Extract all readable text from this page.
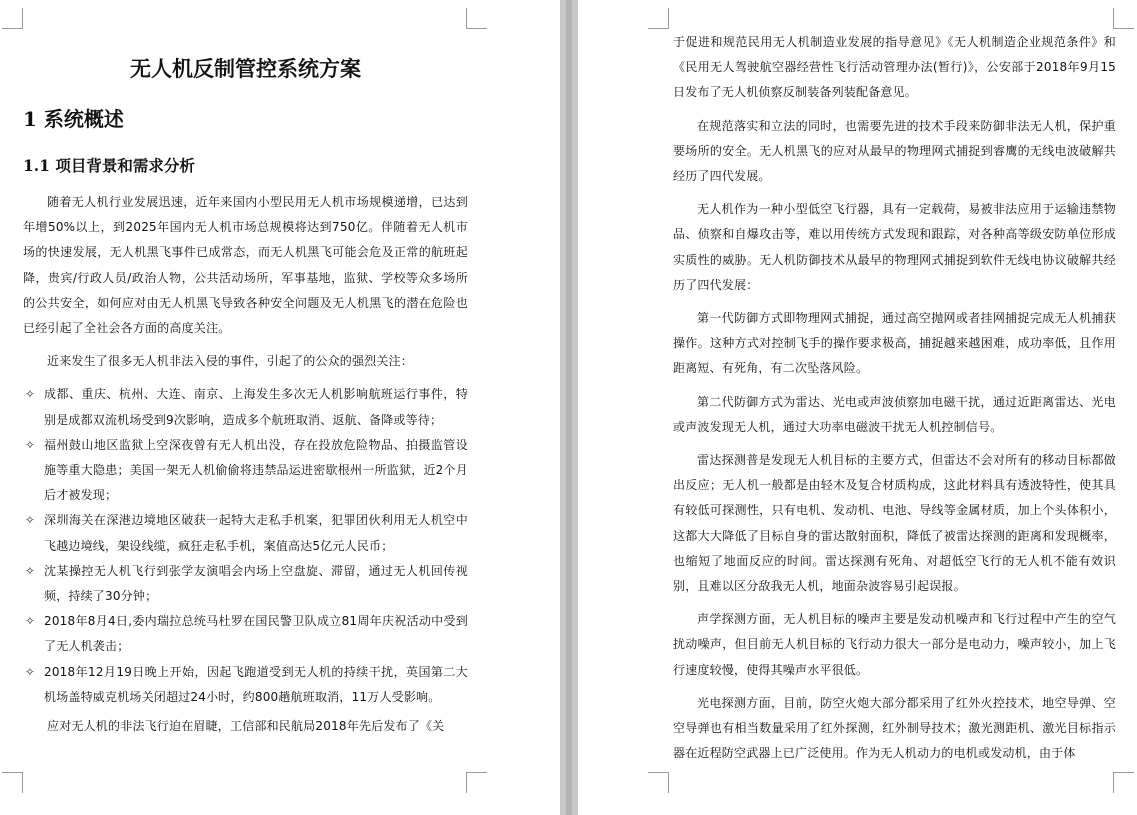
无人机反制管控系统方案
1 系统概述
1.1 项目背景和需求分析

随着无人机行业发展迅速，近年来国内小型民用无人机市场规模递增，已达到年增50%以上，到2025年国内无人机市场总规模将达到750亿。伴随着无人机市场的快速发展，无人机黑飞事件已成常态，而无人机黑飞可能会危及正常的航班起降，贵宾/行政人员/政治人物，公共活动场所，军事基地，监狱、学校等众多场所的公共安全，如何应对由无人机黑飞导致各种安全问题及无人机黑飞的潜在危险也已经引起了全社会各方面的高度关注。

近来发生了很多无人机非法入侵的事件，引起了的公众的强烈关注：

✧ 成都、重庆、杭州、大连、南京、上海发生多次无人机影响航班运行事件，特别是成都双流机场受到9次影响，造成多个航班取消、返航、备降或等待；
✧ 福州鼓山地区监狱上空深夜曾有无人机出没，存在投放危险物品、拍摄监管设施等重大隐患；美国一架无人机偷偷将违禁品运进密歇根州一所监狱，近2个月后才被发现；
✧ 深圳海关在深港边境地区破获一起特大走私手机案，犯罪团伙利用无人机空中飞越边境线，架设线缆，疯狂走私手机，案值高达5亿元人民币；
✧ 沈某操控无人机飞行到张学友演唱会内场上空盘旋、滞留，通过无人机回传视频，持续了30分钟；
✧ 2018年8月4日,委内瑞拉总统马杜罗在国民警卫队成立81周年庆祝活动中受到了无人机袭击；
✧ 2018年12月19日晚上开始，因起飞跑道受到无人机的持续干扰，英国第二大机场盖特威克机场关闭超过24小时，约800趟航班取消，11万人受影响。

应对无人机的非法飞行迫在眉睫，工信部和民航局2018年先后发布了《关

于促进和规范民用无人机制造业发展的指导意见》《无人机制造企业规范条件》和《民用无人驾驶航空器经营性飞行活动管理办法(暂行)》，公安部于2018年9月15日发布了无人机侦察反制装备列装配备意见。

在规范落实和立法的同时，也需要先进的技术手段来防御非法无人机，保护重要场所的安全。无人机黑飞的应对从最早的物理网式捕捉到睿鹰的无线电波破解共经历了四代发展。

无人机作为一种小型低空飞行器，具有一定载荷，易被非法应用于运输违禁物品、侦察和自爆攻击等，难以用传统方式发现和跟踪，对各种高等级安防单位形成实质性的威胁。无人机防御技术从最早的物理网式捕捉到软件无线电协议破解共经历了四代发展：

第一代防御方式即物理网式捕捉，通过高空抛网或者挂网捕捉完成无人机捕获操作。这种方式对控制飞手的操作要求极高，捕捉越来越困难，成功率低，且作用距离短、有死角，有二次坠落风险。

第二代防御方式为雷达、光电或声波侦察加电磁干扰，通过近距离雷达、光电或声波发现无人机，通过大功率电磁波干扰无人机控制信号。

雷达探测普是发现无人机目标的主要方式，但雷达不会对所有的移动目标都做出反应；无人机一般都是由轻木及复合材质构成，这此材料具有透波特性，使其具有较低可探测性，只有电机、发动机、电池、导线等金属材质，加上个头体积小，这都大大降低了目标自身的雷达散射面积，降低了被雷达探测的距离和发现概率，也缩短了地面反应的时间。雷达探测有死角、对超低空飞行的无人机不能有效识别，且难以区分敌我无人机，地面杂波容易引起误报。

声学探测方面，无人机目标的噪声主要是发动机噪声和飞行过程中产生的空气扰动噪声，但目前无人机目标的飞行动力很大一部分是电动力，噪声较小，加上飞行速度较慢，使得其噪声水平很低。

光电探测方面，目前，防空火炮大部分都采用了红外火控技术，地空导弹、空空导弹也有相当数量采用了红外探测，红外制导技术；激光测距机、激光目标指示器在近程防空武器上已广泛使用。作为无人机动力的电机或发动机，由于体
